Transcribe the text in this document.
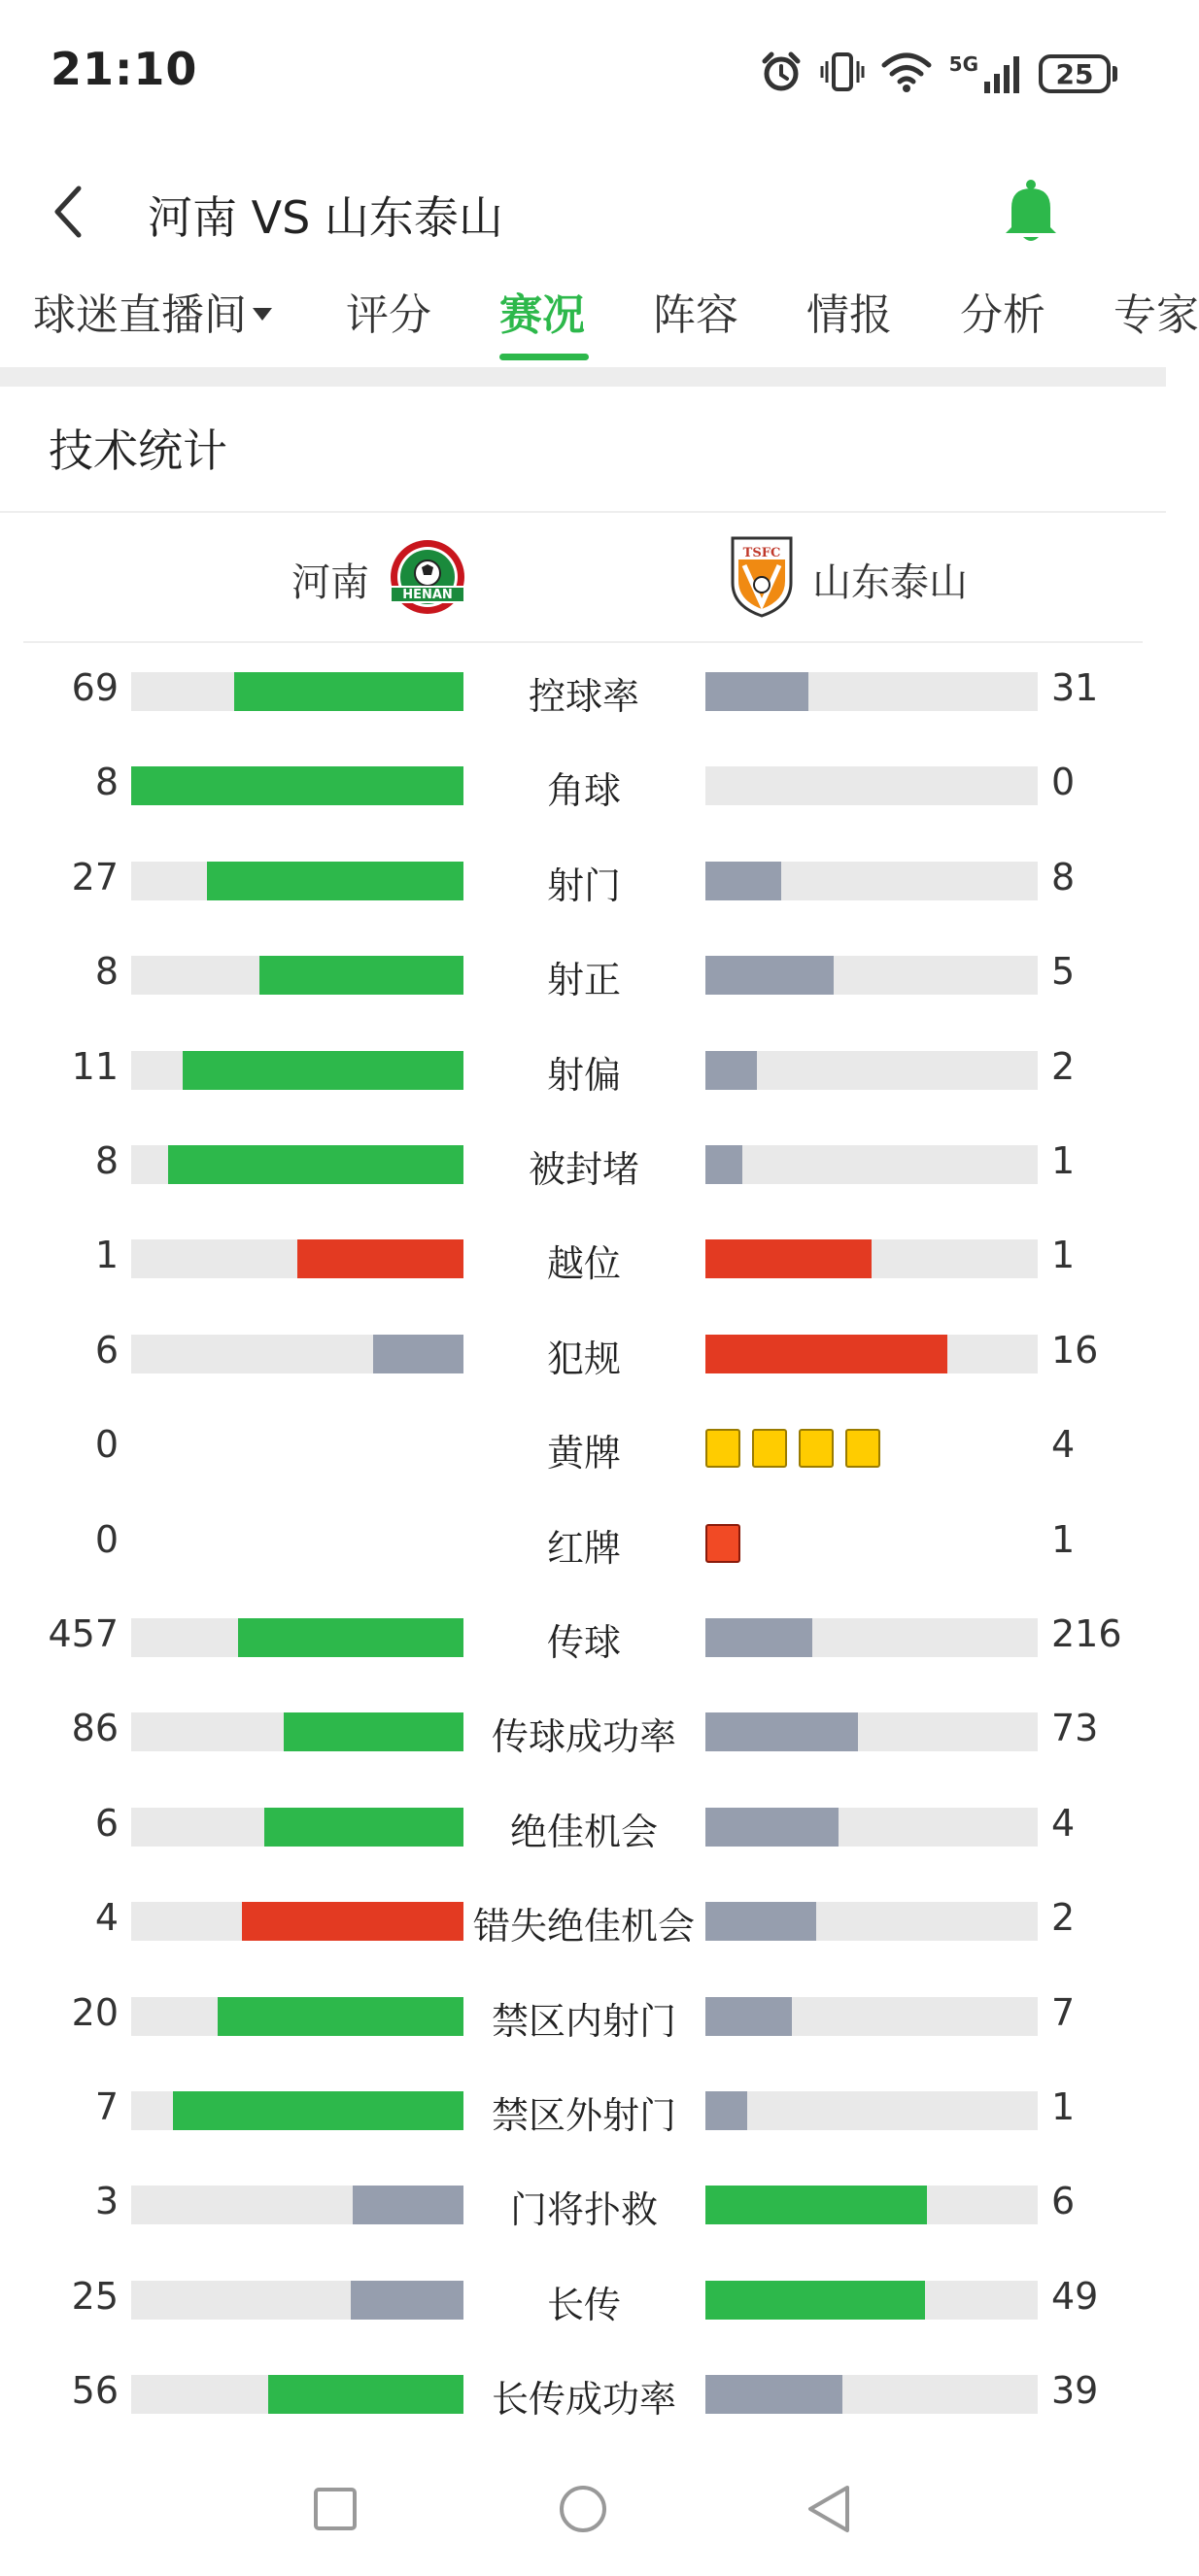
21:10	5G	25
河南 VS 山东泰山
球迷直播间	评分 赛况 阵容 情报 分析 专家
技术统计
河南	HENAN
TSFC
山东泰山
69	控球率	31
8	角球	0
27	射门	8
8	射正	5
11	射偏	2
8	被封堵	1
1	越位	1
6	犯规	16
0	黄牌	4
0	红牌	1
457	传球	216
86	传球成功率	73
6	绝佳机会	4
4	错失绝佳机会	2
20	禁区内射门	7
7	禁区外射门	1
3	门将扑救	6
25	长传	49
56	长传成功率	39
